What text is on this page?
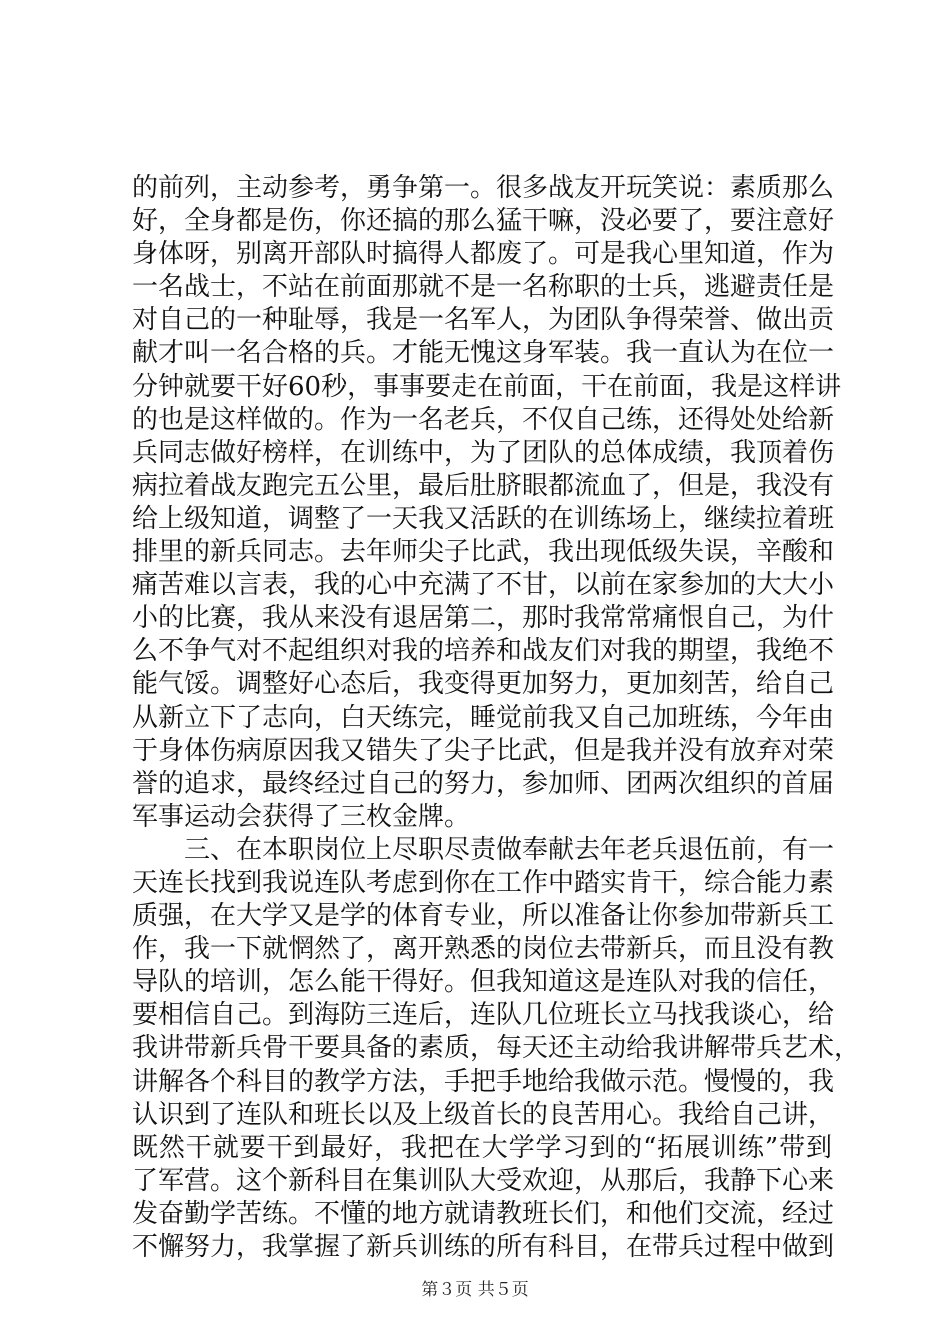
的前列，主动参考，勇争第一。很多战友开玩笑说：素质那么
好，全身都是伤，你还搞的那么猛干嘛，没必要了，要注意好
身体呀，别离开部队时搞得人都废了。可是我心里知道，作为
一名战士，不站在前面那就不是一名称职的士兵，逃避责任是
对自己的一种耻辱，我是一名军人，为团队争得荣誉、做出贡
献才叫一名合格的兵。才能无愧这身军装。我一直认为在位一
分钟就要干好60秒，事事要走在前面，干在前面，我是这样讲
的也是这样做的。作为一名老兵，不仅自己练，还得处处给新
兵同志做好榜样，在训练中，为了团队的总体成绩，我顶着伤
病拉着战友跑完五公里，最后肚脐眼都流血了，但是，我没有
给上级知道，调整了一天我又活跃的在训练场上，继续拉着班
排里的新兵同志。去年师尖子比武，我出现低级失误，辛酸和
痛苦难以言表，我的心中充满了不甘，以前在家参加的大大小
小的比赛，我从来没有退居第二，那时我常常痛恨自己，为什
么不争气对不起组织对我的培养和战友们对我的期望，我绝不
能气馁。调整好心态后，我变得更加努力，更加刻苦，给自己
从新立下了志向，白天练完，睡觉前我又自己加班练，今年由
于身体伤病原因我又错失了尖子比武，但是我并没有放弃对荣
誉的追求，最终经过自己的努力，参加师、团两次组织的首届
军事运动会获得了三枚金牌。
　　三、在本职岗位上尽职尽责做奉献去年老兵退伍前，有一
天连长找到我说连队考虑到你在工作中踏实肯干，综合能力素
质强，在大学又是学的体育专业，所以准备让你参加带新兵工
作，我一下就惘然了，离开熟悉的岗位去带新兵，而且没有教
导队的培训，怎么能干得好。但我知道这是连队对我的信任，
要相信自己。到海防三连后，连队几位班长立马找我谈心，给
我讲带新兵骨干要具备的素质，每天还主动给我讲解带兵艺术，
讲解各个科目的教学方法，手把手地给我做示范。慢慢的，我
认识到了连队和班长以及上级首长的良苦用心。我给自己讲，
既然干就要干到最好，我把在大学学习到的“拓展训练”带到
了军营。这个新科目在集训队大受欢迎，从那后，我静下心来
发奋勤学苦练。不懂的地方就请教班长们，和他们交流，经过
不懈努力，我掌握了新兵训练的所有科目，在带兵过程中做到
第３页 共５页
